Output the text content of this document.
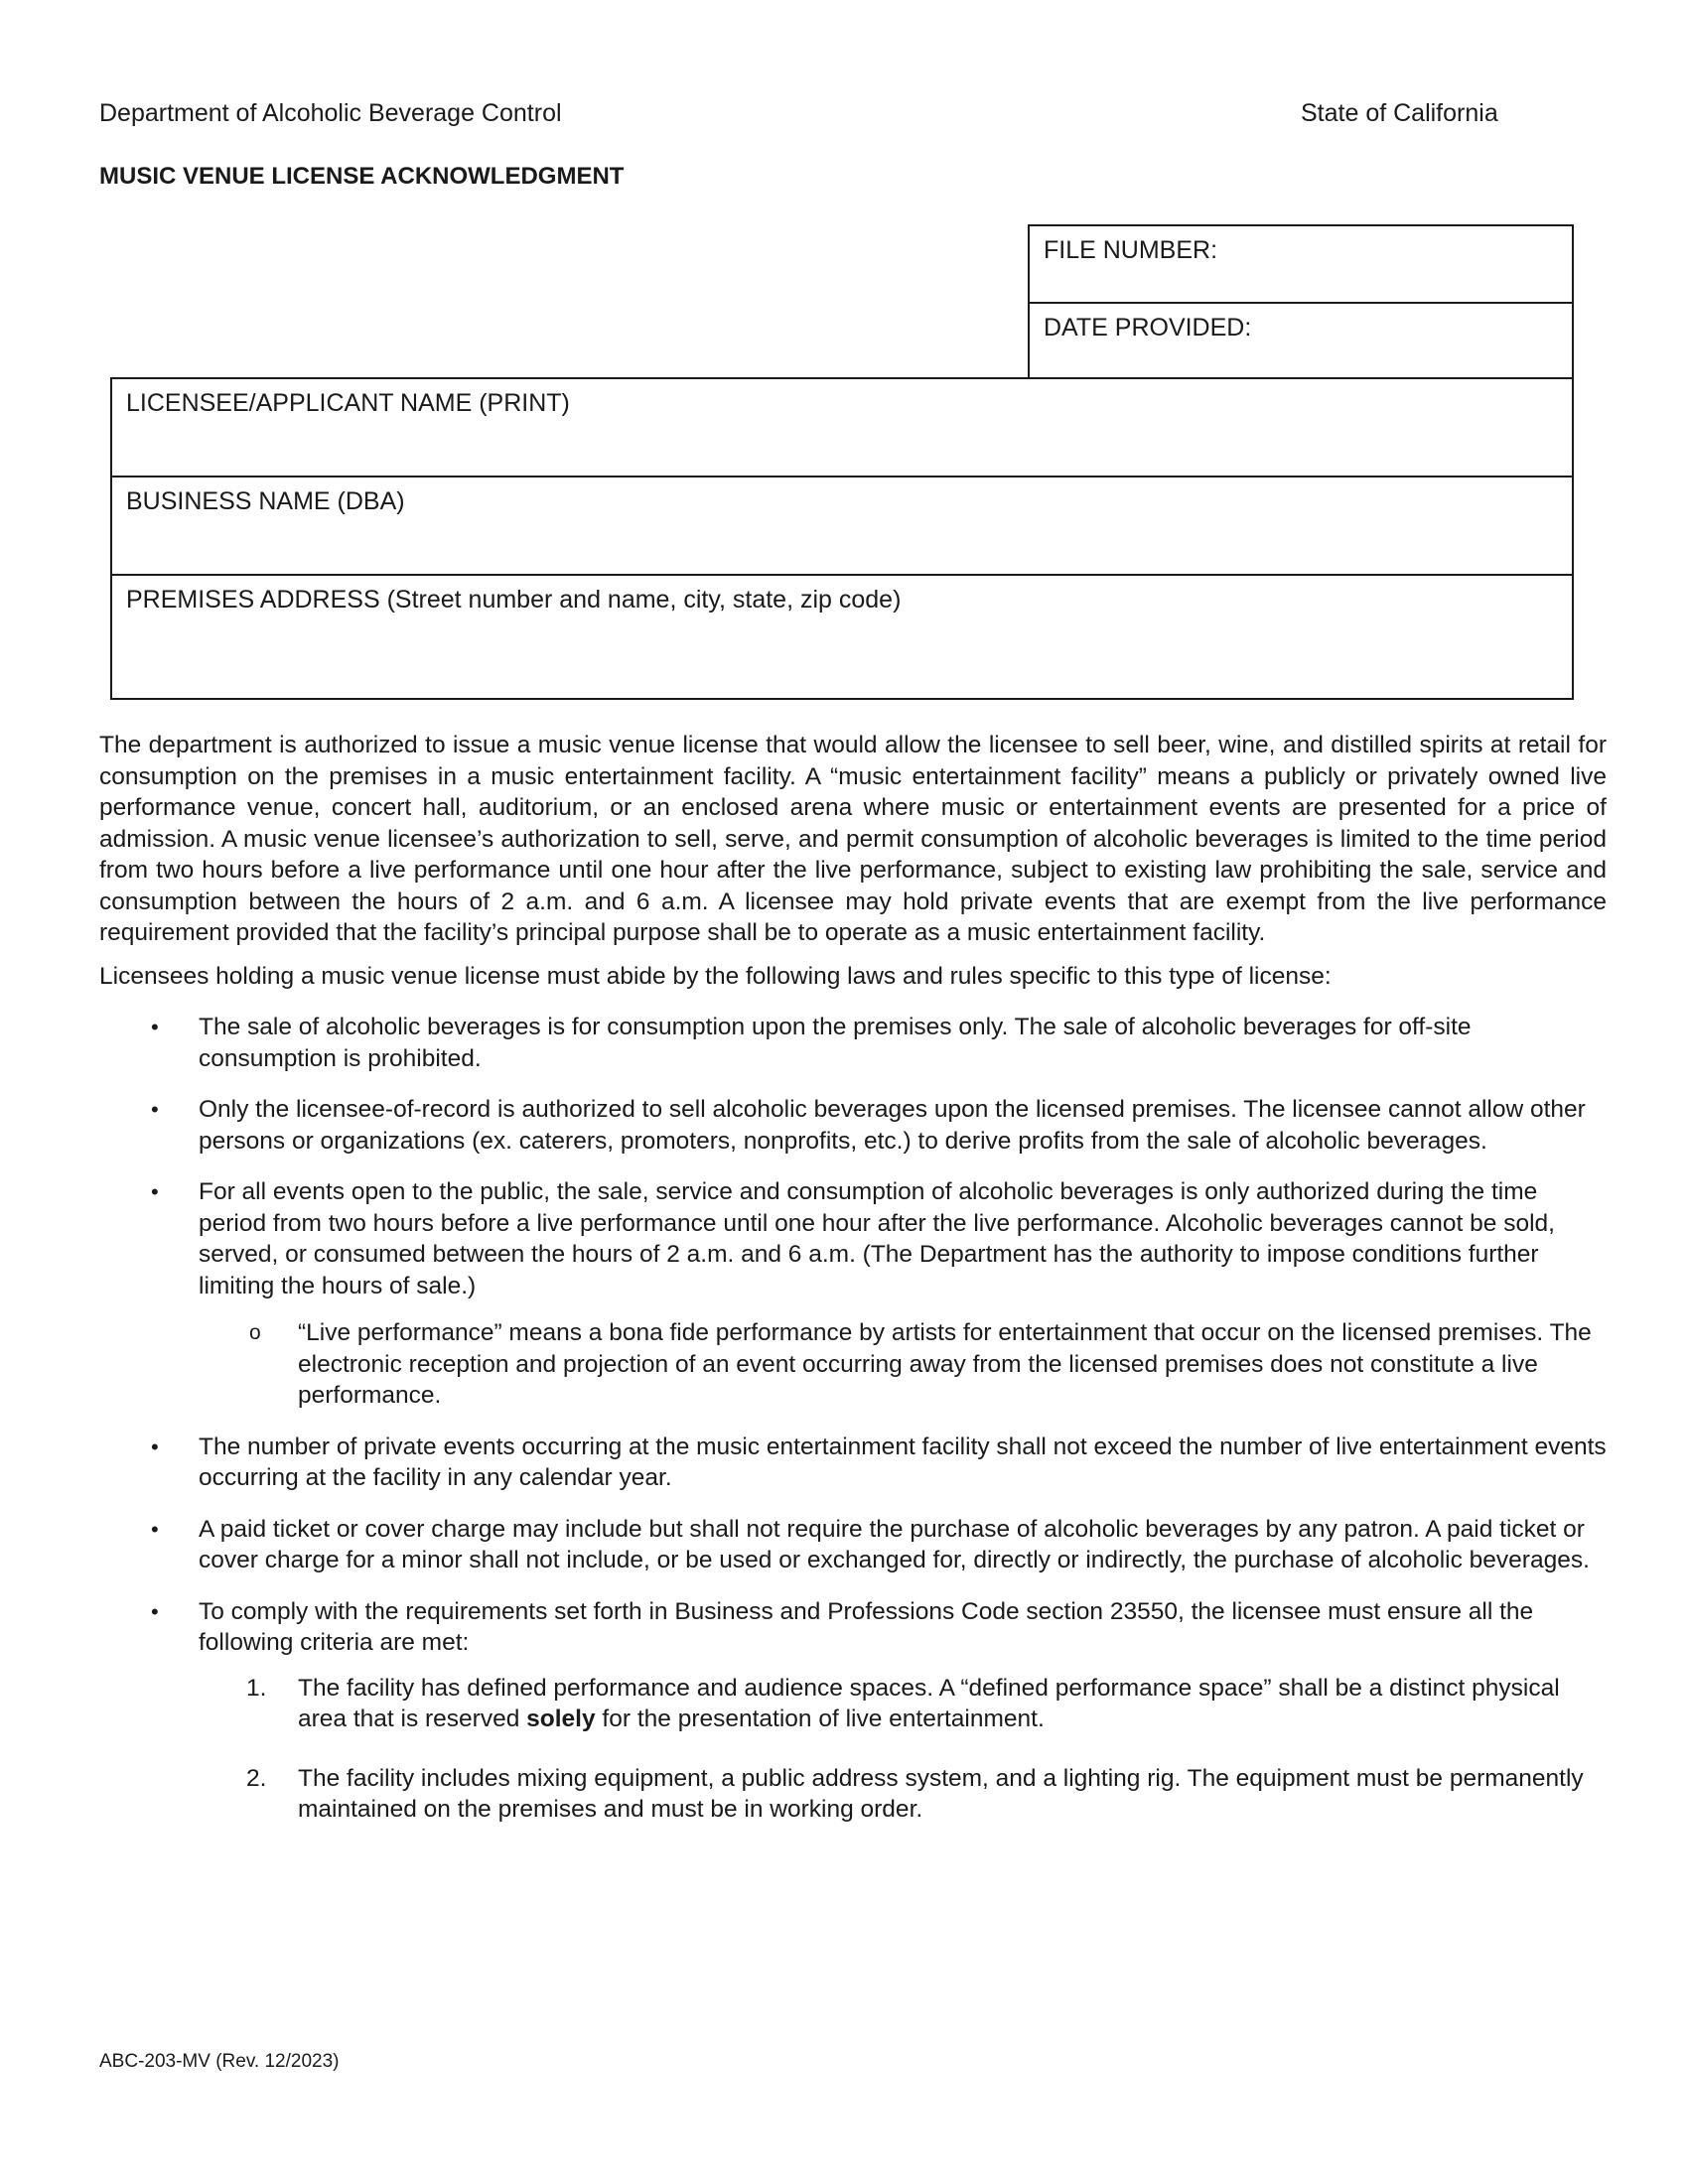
Department of Alcoholic Beverage Control	State of California
MUSIC VENUE LICENSE ACKNOWLEDGMENT
FILE NUMBER:
DATE PROVIDED:
LICENSEE/APPLICANT NAME (PRINT)
BUSINESS NAME (DBA)
PREMISES ADDRESS (Street number and name, city, state, zip code)

The department is authorized to issue a music venue license that would allow the licensee to sell beer, wine, and distilled spirits at retail for consumption on the premises in a music entertainment facility. A “music entertainment facility” means a publicly or privately owned live performance venue, concert hall, auditorium, or an enclosed arena where music or entertainment events are presented for a price of admission. A music venue licensee’s authorization to sell, serve, and permit consumption of alcoholic beverages is limited to the time period from two hours before a live performance until one hour after the live performance, subject to existing law prohibiting the sale, service and consumption between the hours of 2 a.m. and 6 a.m. A licensee may hold private events that are exempt from the live performance requirement provided that the facility’s principal purpose shall be to operate as a music entertainment facility.

Licensees holding a music venue license must abide by the following laws and rules specific to this type of license:

• The sale of alcoholic beverages is for consumption upon the premises only. The sale of alcoholic beverages for off-site consumption is prohibited.
• Only the licensee-of-record is authorized to sell alcoholic beverages upon the licensed premises. The licensee cannot allow other persons or organizations (ex. caterers, promoters, nonprofits, etc.) to derive profits from the sale of alcoholic beverages.
• For all events open to the public, the sale, service and consumption of alcoholic beverages is only authorized during the time period from two hours before a live performance until one hour after the live performance. Alcoholic beverages cannot be sold, served, or consumed between the hours of 2 a.m. and 6 a.m. (The Department has the authority to impose conditions further limiting the hours of sale.)
o “Live performance” means a bona fide performance by artists for entertainment that occur on the licensed premises. The electronic reception and projection of an event occurring away from the licensed premises does not constitute a live performance.
• The number of private events occurring at the music entertainment facility shall not exceed the number of live entertainment events occurring at the facility in any calendar year.
• A paid ticket or cover charge may include but shall not require the purchase of alcoholic beverages by any patron. A paid ticket or cover charge for a minor shall not include, or be used or exchanged for, directly or indirectly, the purchase of alcoholic beverages.
• To comply with the requirements set forth in Business and Professions Code section 23550, the licensee must ensure all the following criteria are met:
1. The facility has defined performance and audience spaces. A “defined performance space” shall be a distinct physical area that is reserved solely for the presentation of live entertainment.
2. The facility includes mixing equipment, a public address system, and a lighting rig. The equipment must be permanently maintained on the premises and must be in working order.
ABC-203-MV (Rev. 12/2023)
